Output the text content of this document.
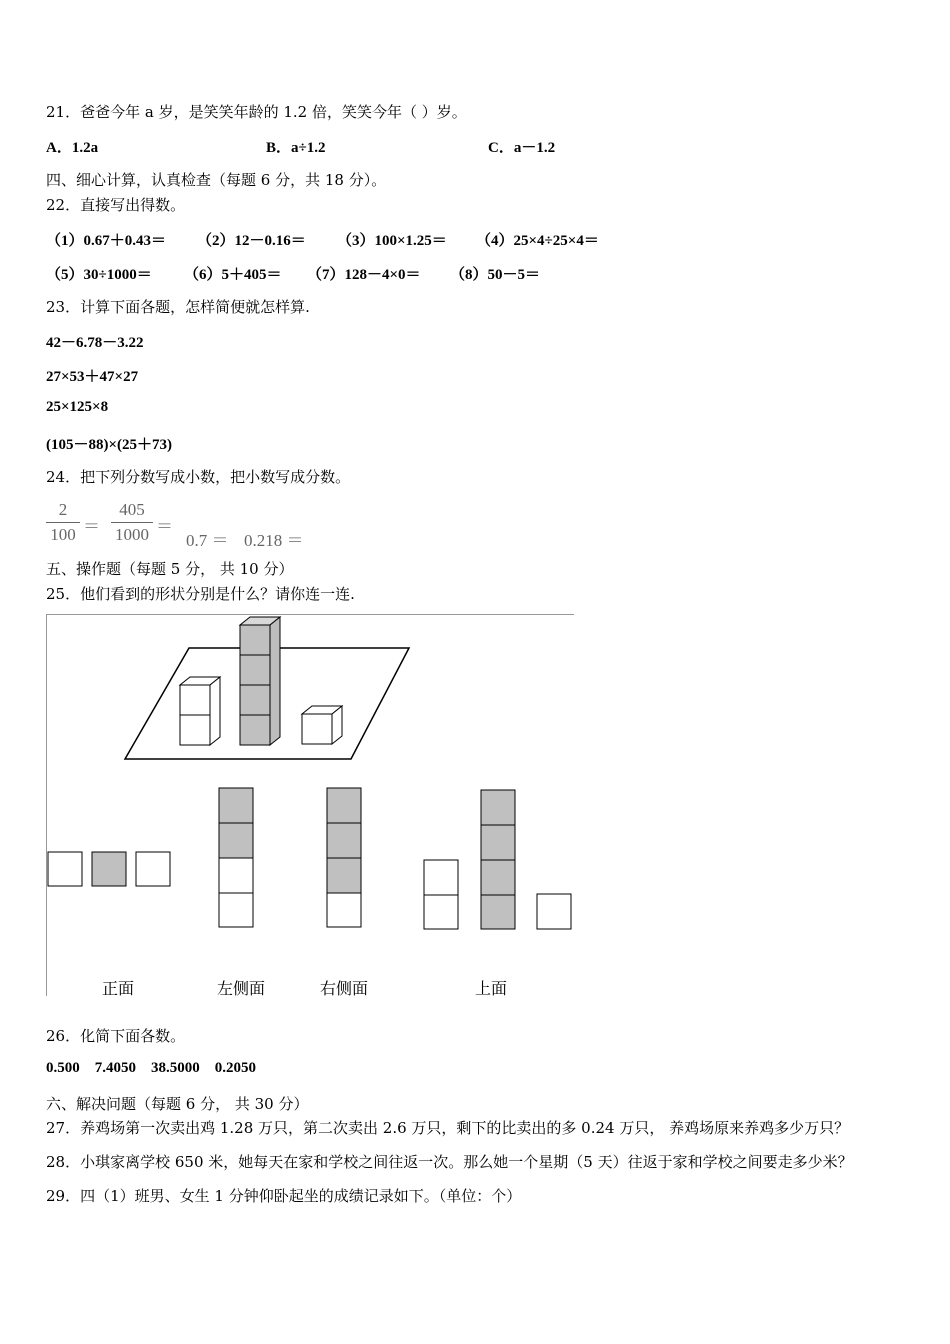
21．爸爸今年 a 岁，是笑笑年龄的 1.2 倍，笑笑今年（ ）岁。
A．1.2a	B．a÷1.2	C．a－1.2
四、细心计算，认真检查（每题 6 分，共 18 分）。
22．直接写出得数。
（1）0.67＋0.43＝ （2）12－0.16＝ （3）100×1.25＝ （4）25×4÷25×4＝
（5）30÷1000＝ （6）5＋405＝ （7）128－4×0＝ （8）50－5＝
23．计算下面各题，怎样简便就怎样算.
42－6.78－3.22
27×53＋47×27
25×125×8
(105－88)×(25＋73)
24．把下列分数写成小数，把小数写成分数。
2
100 ＝
405
1000 ＝
0.7 ＝ 0.218 ＝
五、操作题（每题 5 分， 共 10 分）
25．他们看到的形状分别是什么？请你连一连.
正面	左侧面	右侧面	上面
26．化简下面各数。
0.500    7.4050    38.5000    0.2050
六、解决问题（每题 6 分， 共 30 分）
27．养鸡场第一次卖出鸡 1.28 万只，第二次卖出 2.6 万只，剩下的比卖出的多 0.24 万只， 养鸡场原来养鸡多少万只？
28．小琪家离学校 650 米，她每天在家和学校之间往返一次。那么她一个星期（5 天）往返于家和学校之间要走多少米？
29．四（1）班男、女生 1 分钟仰卧起坐的成绩记录如下。（单位：个）
